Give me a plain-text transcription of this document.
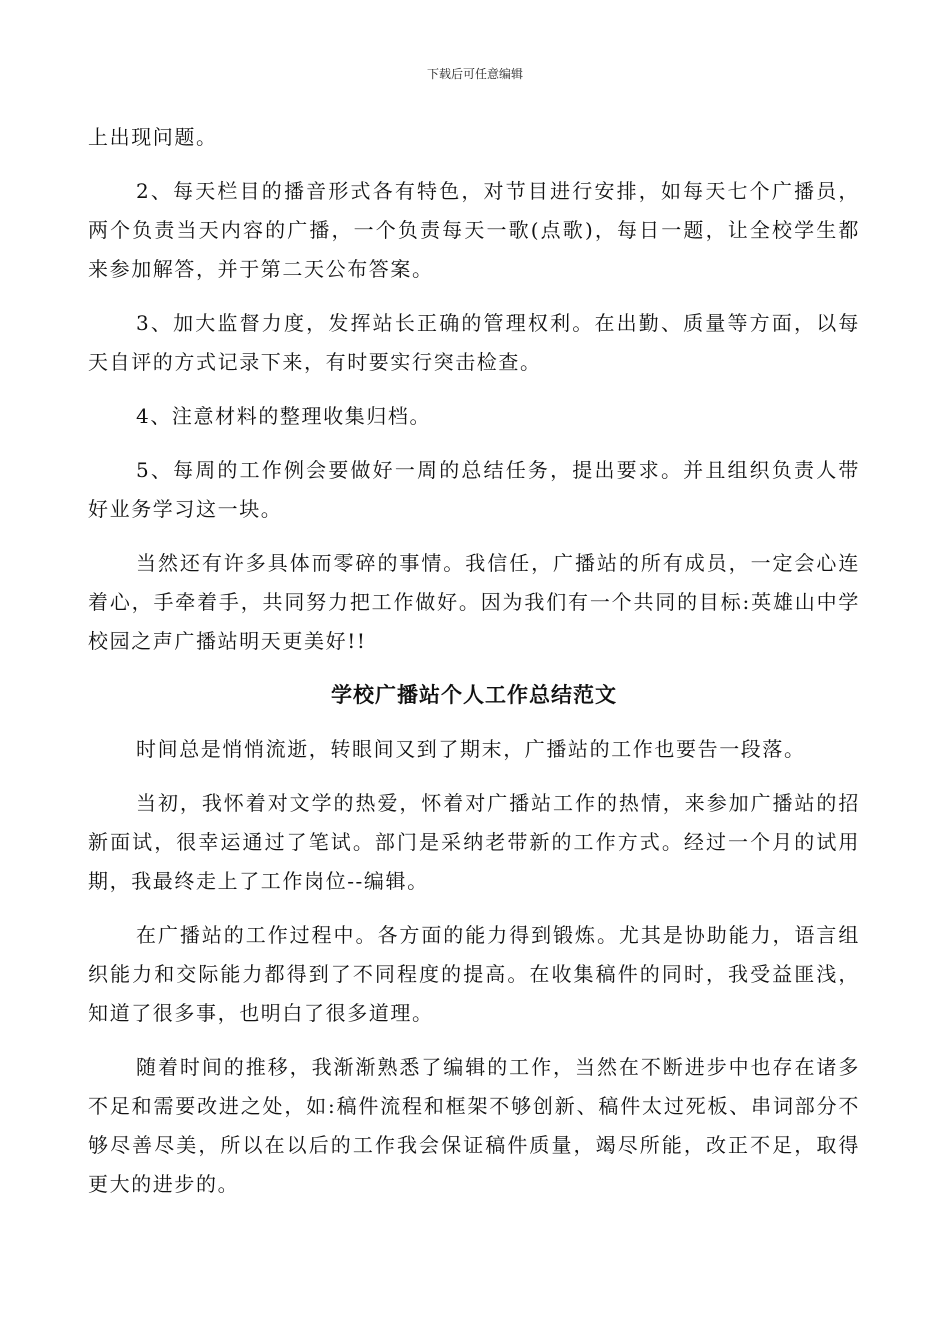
下载后可任意编辑

上出现问题。

2、每天栏目的播音形式各有特色，对节目进行安排，如每天七个广播员，两个负责当天内容的广播，一个负责每天一歌(点歌)，每日一题，让全校学生都来参加解答，并于第二天公布答案。

3、加大监督力度，发挥站长正确的管理权利。在出勤、质量等方面，以每天自评的方式记录下来，有时要实行突击检查。

4、注意材料的整理收集归档。

5、每周的工作例会要做好一周的总结任务，提出要求。并且组织负责人带好业务学习这一块。

当然还有许多具体而零碎的事情。我信任，广播站的所有成员，一定会心连着心，手牵着手，共同努力把工作做好。因为我们有一个共同的目标:英雄山中学校园之声广播站明天更美好!!

学校广播站个人工作总结范文

时间总是悄悄流逝，转眼间又到了期末，广播站的工作也要告一段落。

当初，我怀着对文学的热爱，怀着对广播站工作的热情，来参加广播站的招新面试，很幸运通过了笔试。部门是采纳老带新的工作方式。经过一个月的试用期，我最终走上了工作岗位--编辑。

在广播站的工作过程中。各方面的能力得到锻炼。尤其是协助能力，语言组织能力和交际能力都得到了不同程度的提高。在收集稿件的同时，我受益匪浅，知道了很多事，也明白了很多道理。

随着时间的推移，我渐渐熟悉了编辑的工作，当然在不断进步中也存在诸多不足和需要改进之处，如:稿件流程和框架不够创新、稿件太过死板、串词部分不够尽善尽美，所以在以后的工作我会保证稿件质量，竭尽所能，改正不足，取得更大的进步的。
